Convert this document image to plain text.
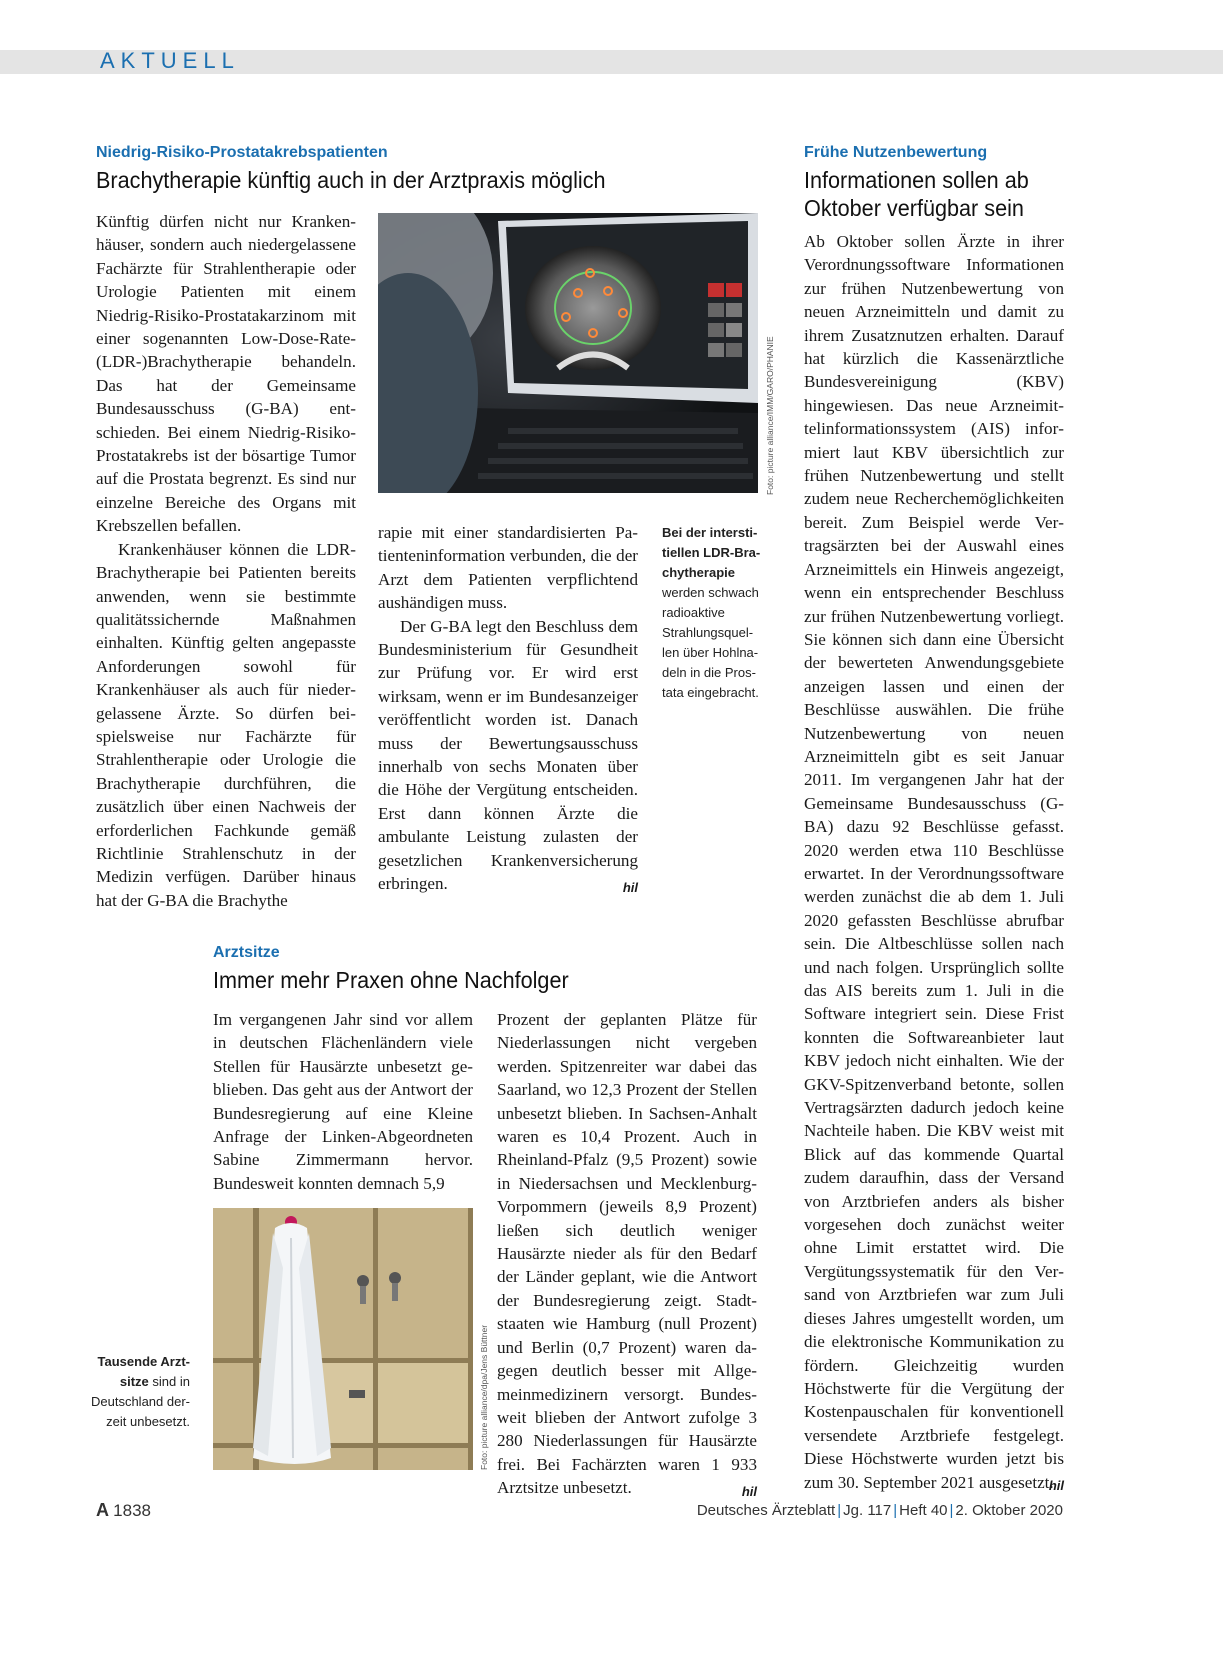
AKTUELL
Niedrig-Risiko-Prostatakrebspatienten
Brachytherapie künftig auch in der Arztpraxis möglich

Künftig dürfen nicht nur Krankenhäuser, sondern auch niedergelassene Fachärzte für Strahlentherapie oder Urologie Patienten mit einem Niedrig-Risiko-Prostatakarzinom mit einer sogenannten Low-Dose-Rate-(LDR-)Brachytherapie behandeln. Das hat der Gemeinsame Bundesausschuss (G-BA) entschieden. Bei einem Niedrig-Risiko-Prostatakrebs ist der bösartige Tumor auf die Prostata begrenzt. Es sind nur einzelne Bereiche des Organs mit Krebszellen befallen.

Krankenhäuser können die LDR-Brachytherapie bei Patienten bereits anwenden, wenn sie bestimmte qualitätssichernde Maßnahmen einhalten. Künftig gelten angepasste Anforderungen sowohl für Krankenhäuser als auch für niedergelassene Ärzte. So dürfen beispielsweise nur Fachärzte für Strahlentherapie oder Urologie die Brachytherapie durchführen, die zusätzlich über einen Nachweis der erforderlichen Fachkunde gemäß Richtlinie Strahlenschutz in der Medizin verfügen. Darüber hinaus hat der G-BA die Brachythe

Foto: picture alliance/IMM/GARO/PHANIE

rapie mit einer standardisierten Patienteninformation verbunden, die der Arzt dem Patienten verpflichtend aushändigen muss.

Der G-BA legt den Beschluss dem Bundesministerium für Gesundheit zur Prüfung vor. Er wird erst wirksam, wenn er im Bundesanzeiger veröffentlicht worden ist. Danach muss der Bewertungsausschuss innerhalb von sechs Monaten über die Höhe der Vergütung entscheiden. Erst dann können Ärzte die ambulante Leistung zulasten der gesetzlichen Krankenversicherung erbringen.	hil
Bei der interstitiellen LDR-Brachytherapie werden schwach radioaktive Strahlungsquellen über Hohlnadeln in die Prostata eingebracht.
Frühe Nutzenbewertung
Informationen sollen ab
Oktober verfügbar sein

Ab Oktober sollen Ärzte in ihrer Verordnungssoftware Informationen zur frühen Nutzenbewertung von neuen Arzneimitteln und damit zu ihrem Zusatznutzen erhalten. Darauf hat kürzlich die Kassenärztliche Bundesvereinigung (KBV) hingewiesen. Das neue Arzneimittelinformationssystem (AIS) informiert laut KBV übersichtlich zur frühen Nutzenbewertung und stellt zudem neue Recherchemöglichkeiten bereit. Zum Beispiel werde Vertragsärzten bei der Auswahl eines Arzneimittels ein Hinweis angezeigt, wenn ein entsprechender Beschluss zur frühen Nutzenbewertung vorliegt. Sie können sich dann eine Übersicht der bewerteten Anwendungsgebiete anzeigen lassen und einen der Beschlüsse auswählen. Die frühe Nutzenbewertung von neuen Arzneimitteln gibt es seit Januar 2011. Im vergangenen Jahr hat der Gemeinsame Bundesausschuss (G-BA) dazu 92 Beschlüsse gefasst. 2020 werden etwa 110 Beschlüsse erwartet. In der Verordnungssoftware werden zunächst die ab dem 1. Juli 2020 gefassten Beschlüsse abrufbar sein. Die Altbeschlüsse sollen nach und nach folgen. Ursprünglich sollte das AIS bereits zum 1. Juli in die Software integriert sein. Diese Frist konnten die Softwareanbieter laut KBV jedoch nicht einhalten. Wie der GKV-Spitzenverband betonte, sollen Vertragsärzten dadurch jedoch keine Nachteile haben. Die KBV weist mit Blick auf das kommende Quartal zudem daraufhin, dass der Versand von Arztbriefen anders als bisher vorgesehen doch zunächst weiter ohne Limit erstattet wird. Die Vergütungssystematik für den Versand von Arztbriefen war zum Juli dieses Jahres umgestellt worden, um die elektronische Kommunikation zu fördern. Gleichzeitig wurden Höchstwerte für die Vergütung der Kostenpauschalen für konventionell versendete Arztbriefe festgelegt. Diese Höchstwerte wurden jetzt bis zum 30. September 2021 ausgesetzt.

hil
Arztsitze
Immer mehr Praxen ohne Nachfolger

Im vergangenen Jahr sind vor allem in deutschen Flächenländern viele Stellen für Hausärzte unbesetzt geblieben. Das geht aus der Antwort der Bundesregierung auf eine Kleine Anfrage der Linken-Abgeordneten Sabine Zimmermann hervor. Bundesweit konnten demnach 5,9

Foto: picture alliance/dpa/Jens Büttner
Tausende Arztsitze sind in Deutschland derzeit unbesetzt.

Prozent der geplanten Plätze für Niederlassungen nicht vergeben werden. Spitzenreiter war dabei das Saarland, wo 12,3 Prozent der Stellen unbesetzt blieben. In Sachsen-Anhalt waren es 10,4 Prozent. Auch in Rheinland-Pfalz (9,5 Prozent) sowie in Niedersachsen und Mecklenburg-Vorpommern (jeweils 8,9 Prozent) ließen sich deutlich weniger Hausärzte nieder als für den Bedarf der Länder geplant, wie die Antwort der Bundesregierung zeigt. Stadtstaaten wie Hamburg (null Prozent) und Berlin (0,7 Prozent) waren dagegen deutlich besser mit Allgemeinmedizinern versorgt. Bundesweit blieben der Antwort zufolge 3 280 Niederlassungen für Hausärzte frei. Bei Fachärzten waren 1 933 Arztsitze unbesetzt.	hil
A 1838	Deutsches Ärzteblatt | Jg. 117 | Heft 40 | 2. Oktober 2020
